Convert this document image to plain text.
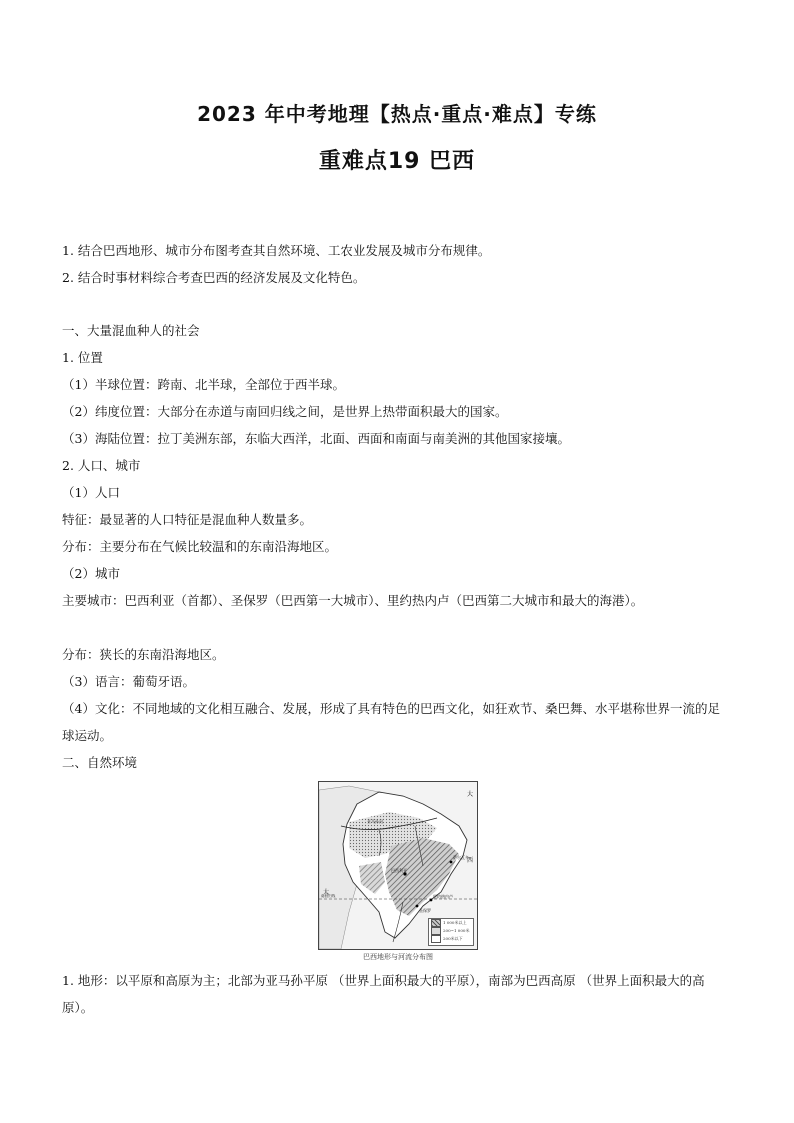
2023 年中考地理【热点·重点·难点】专练
重难点19 巴西
1. 结合巴西地形、城市分布图考查其自然环境、工农业发展及城市分布规律。
2. 结合时事材料综合考查巴西的经济发展及文化特色。
一、大量混血种人的社会
1. 位置
（1）半球位置：跨南、北半球，全部位于西半球。
（2）纬度位置：大部分在赤道与南回归线之间，是世界上热带面积最大的国家。
（3）海陆位置：拉丁美洲东部，东临大西洋，北面、西面和南面与南美洲的其他国家接壤。
2. 人口、城市
（1）人口
特征：最显著的人口特征是混血种人数量多。
分布：主要分布在气候比较温和的东南沿海地区。
（2）城市
主要城市：巴西利亚（首都）、圣保罗（巴西第一大城市）、里约热内卢（巴西第二大城市和最大的海港）。
分布：狭长的东南沿海地区。
（3）语言：葡萄牙语。
（4）文化：不同地域的文化相互融合、发展，形成了具有特色的巴西文化，如狂欢节、桑巴舞、水平堪称世界一流的足球运动。
二、自然环境
大
西
太
亚马孙河
巴西利亚
萨尔瓦多
里约热内卢
圣保罗
南回归线
1 000米以上
200~1 000米
200米以下
巴西地形与河流分布图
1. 地形：以平原和高原为主；北部为亚马孙平原 （世界上面积最大的平原），南部为巴西高原 （世界上面积最大的高原）。
